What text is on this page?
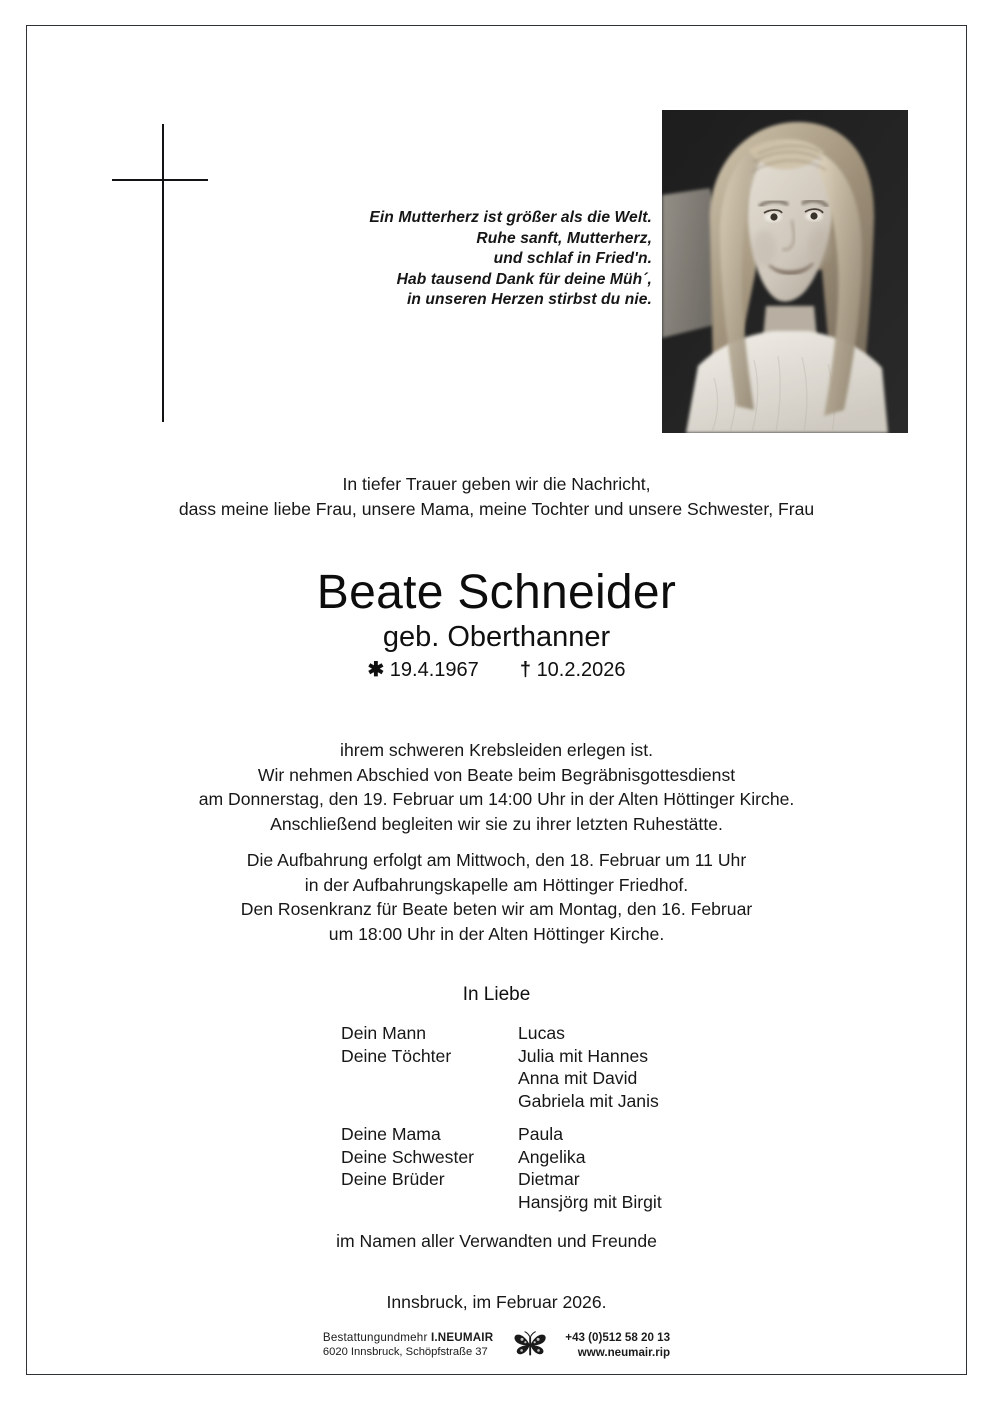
Ein Mutterherz ist größer als die Welt.
Ruhe sanft, Mutterherz,
und schlaf in Fried'n.
Hab tausend Dank für deine Müh´,
in unseren Herzen stirbst du nie.
In tiefer Trauer geben wir die Nachricht,
dass meine liebe Frau, unsere Mama, meine Tochter und unsere Schwester, Frau
Beate Schneider
geb. Oberthanner
✱ 19.4.1967 † 10.2.2026
ihrem schweren Krebsleiden erlegen ist.
Wir nehmen Abschied von Beate beim Begräbnisgottesdienst
am Donnerstag, den 19. Februar um 14:00 Uhr in der Alten Höttinger Kirche.
Anschließend begleiten wir sie zu ihrer letzten Ruhestätte.
Die Aufbahrung erfolgt am Mittwoch, den 18. Februar um 11 Uhr
in der Aufbahrungskapelle am Höttinger Friedhof.
Den Rosenkranz für Beate beten wir am Montag, den 16. Februar
um 18:00 Uhr in der Alten Höttinger Kirche.
In Liebe
Dein Mann	Lucas
Deine Töchter	Julia mit Hannes
Anna mit David
Gabriela mit Janis
Deine Mama	Paula
Deine Schwester	Angelika
Deine Brüder	Dietmar
Hansjörg mit Birgit
im Namen aller Verwandten und Freunde
Innsbruck, im Februar 2026.
Bestattungundmehr I.NEUMAIR
6020 Innsbruck, Schöpfstraße 37
+43 (0)512 58 20 13
www.neumair.rip
